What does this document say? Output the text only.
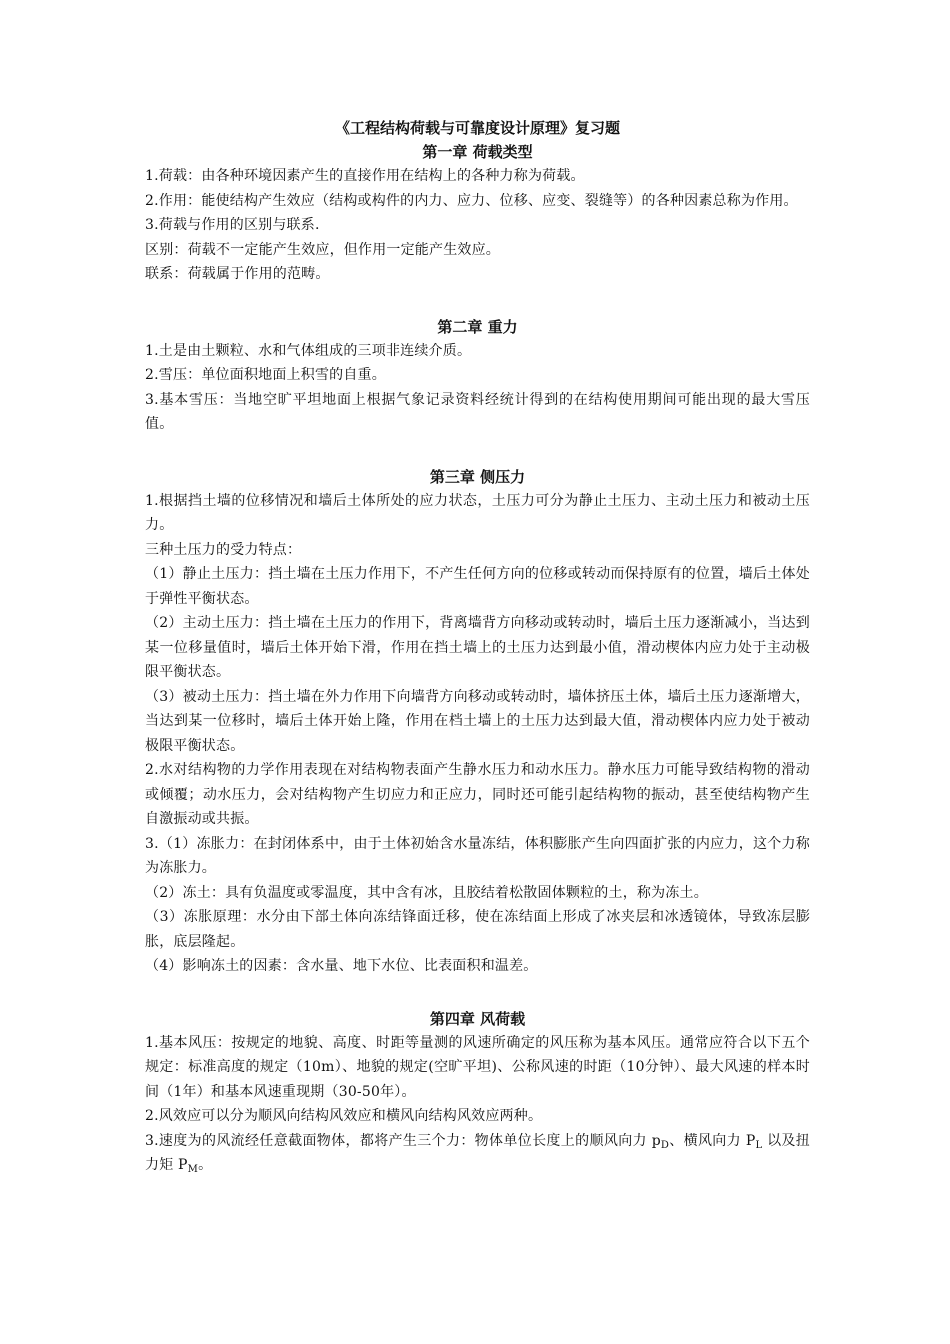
《工程结构荷载与可靠度设计原理》复习题

第一章 荷载类型

1.荷载：由各种环境因素产生的直接作用在结构上的各种力称为荷载。

2.作用：能使结构产生效应（结构或构件的内力、应力、位移、应变、裂缝等）的各种因素总称为作用。

3.荷载与作用的区别与联系.

区别：荷载不一定能产生效应，但作用一定能产生效应。

联系：荷载属于作用的范畴。

第二章 重力

1.土是由土颗粒、水和气体组成的三项非连续介质。

2.雪压：单位面积地面上积雪的自重。

3.基本雪压：当地空旷平坦地面上根据气象记录资料经统计得到的在结构使用期间可能出现的最大雪压值。

第三章 侧压力

1.根据挡土墙的位移情况和墙后土体所处的应力状态，土压力可分为静止土压力、主动土压力和被动土压力。

三种土压力的受力特点：

（1）静止土压力：挡土墙在土压力作用下，不产生任何方向的位移或转动而保持原有的位置，墙后土体处于弹性平衡状态。

（2）主动土压力：挡土墙在土压力的作用下，背离墙背方向移动或转动时，墙后土压力逐渐减小，当达到某一位移量值时，墙后土体开始下滑，作用在挡土墙上的土压力达到最小值，滑动楔体内应力处于主动极限平衡状态。

（3）被动土压力：挡土墙在外力作用下向墙背方向移动或转动时，墙体挤压土体，墙后土压力逐渐增大，当达到某一位移时，墙后土体开始上隆，作用在档土墙上的土压力达到最大值，滑动楔体内应力处于被动极限平衡状态。

2.水对结构物的力学作用表现在对结构物表面产生静水压力和动水压力。静水压力可能导致结构物的滑动或倾覆；动水压力，会对结构物产生切应力和正应力，同时还可能引起结构物的振动，甚至使结构物产生自激振动或共振。

3.（1）冻胀力：在封闭体系中，由于土体初始含水量冻结，体积膨胀产生向四面扩张的内应力，这个力称为冻胀力。

（2）冻土：具有负温度或零温度，其中含有冰，且胶结着松散固体颗粒的土，称为冻土。

（3）冻胀原理：水分由下部土体向冻结锋面迁移，使在冻结面上形成了冰夹层和冰透镜体，导致冻层膨胀，底层隆起。

（4）影响冻土的因素：含水量、地下水位、比表面积和温差。

第四章 风荷载

1.基本风压：按规定的地貌、高度、时距等量测的风速所确定的风压称为基本风压。通常应符合以下五个规定：标准高度的规定（10m）、地貌的规定(空旷平坦)、公称风速的时距（10分钟）、最大风速的样本时间（1年）和基本风速重现期（30-50年）。

2.风效应可以分为顺风向结构风效应和横风向结构风效应两种。

3.速度为的风流经任意截面物体，都将产生三个力：物体单位长度上的顺风向力 $p_D$、横风向力 $P_L$ 以及扭力矩 $P_M$。
